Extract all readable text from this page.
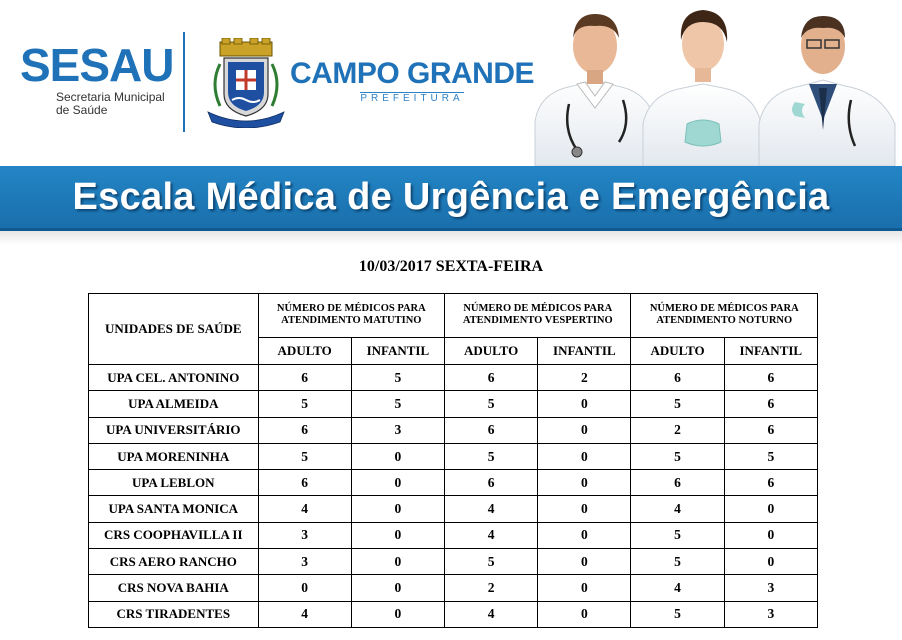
SESAU
Secretaria Municipal
de Saúde
CAMPO GRANDE
PREFEITURA
Escala Médica de Urgência e Emergência
10/03/2017 SEXTA-FEIRA
UNIDADES DE SAÚDE	NÚMERO DE MÉDICOS PARA ATENDIMENTO MATUTINO		NÚMERO DE MÉDICOS PARA ATENDIMENTO VESPERTINO		NÚMERO DE MÉDICOS PARA ATENDIMENTO NOTURNO	
	ADULTO	INFANTIL	ADULTO	INFANTIL	ADULTO	INFANTIL
UPA CEL. ANTONINO	6	5	6	2	6	6
UPA ALMEIDA	5	5	5	0	5	6
UPA UNIVERSITÁRIO	6	3	6	0	2	6
UPA MORENINHA	5	0	5	0	5	5
UPA LEBLON	6	0	6	0	6	6
UPA SANTA MONICA	4	0	4	0	4	0
CRS COOPHAVILLA II	3	0	4	0	5	0
CRS AERO RANCHO	3	0	5	0	5	0
CRS NOVA BAHIA	0	0	2	0	4	3
CRS TIRADENTES	4	0	4	0	5	3
